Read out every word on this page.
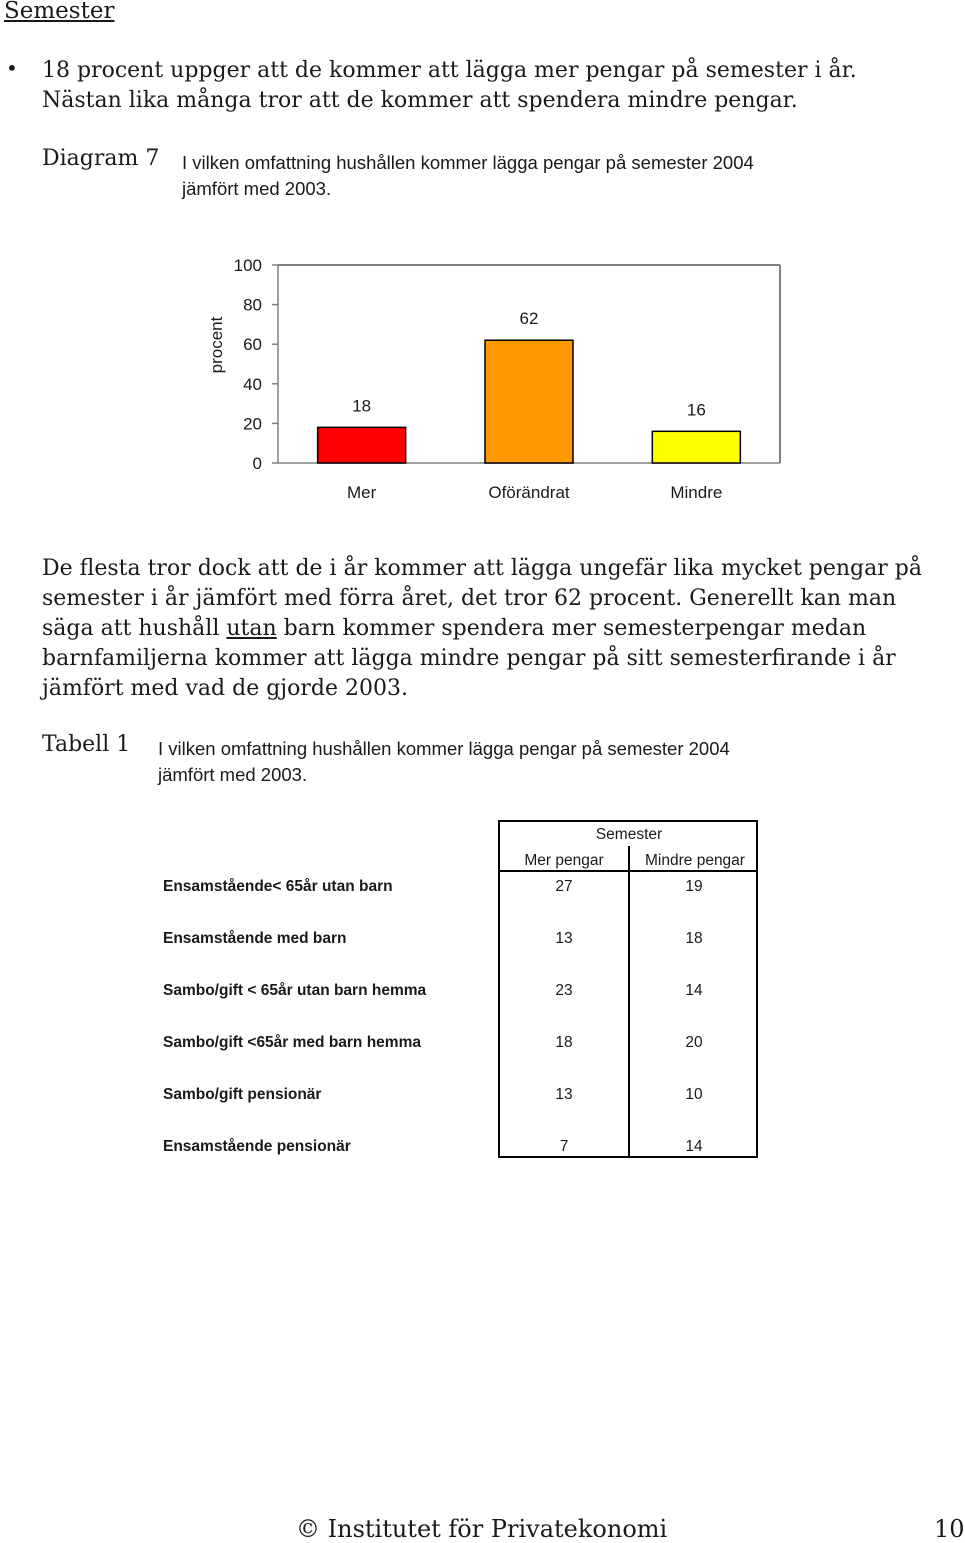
Semester
• 18 procent uppger att de kommer att lägga mer pengar på semester i år.
Nästan lika många tror att de kommer att spendera mindre pengar.
Diagram 7 I vilken omfattning hushållen kommer lägga pengar på semester 2004
jämfört med 2003.
0
20
40
60
80
100
procent
18
Mer
62
Oförändrat
16
Mindre
De flesta tror dock att de i år kommer att lägga ungefär lika mycket pengar på semester i år jämfört med förra året, det tror 62 procent. Generellt kan man säga att hushåll utan barn kommer spendera mer semesterpengar medan barnfamiljerna kommer att lägga mindre pengar på sitt semesterfirande i år jämfört med vad de gjorde 2003.
Tabell 1 I vilken omfattning hushållen kommer lägga pengar på semester 2004
jämfört med 2003.
Semester
Mer pengar	Mindre pengar
Ensamstående< 65år utan barn	27	19
Ensamstående med barn	13	18
Sambo/gift < 65år utan barn hemma	23	14
Sambo/gift <65år med barn hemma	18	20
Sambo/gift pensionär	13	10
Ensamstående pensionär	7	14
© Institutet för Privatekonomi	10
